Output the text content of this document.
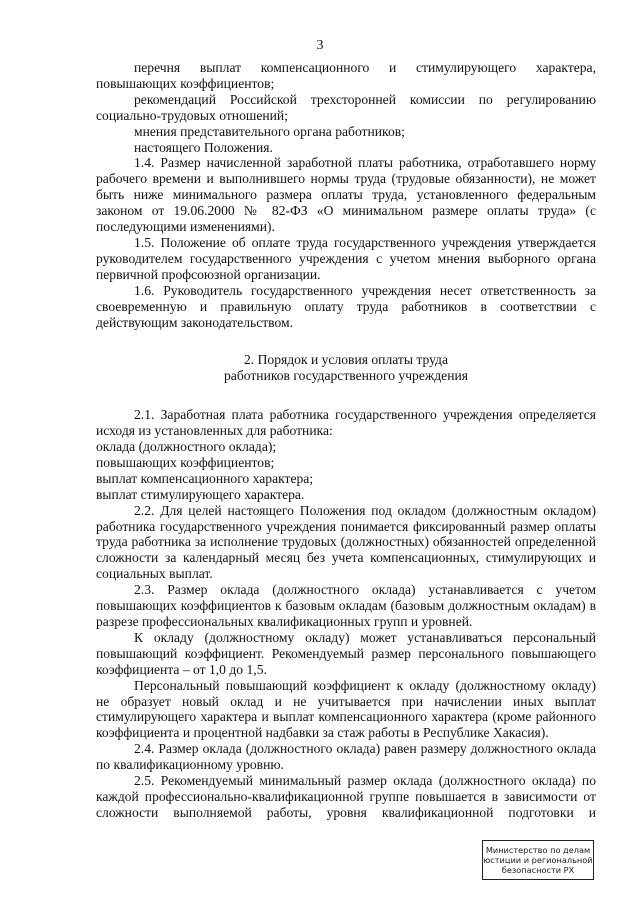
3

перечня выплат компенсационного и стимулирующего характера,

повышающих коэффициентов;

рекомендаций Российской трехсторонней комиссии по регулированию

социально-трудовых отношений;

мнения представительного органа работников;

настоящего Положения.

1.4. Размер начисленной заработной платы работника, отработавшего норму рабочего времени и выполнившего нормы труда (трудовые обязанности), не может быть ниже минимального размера оплаты труда, установленного федеральным законом от 19.06.2000 № 82-ФЗ «О минимальном размере оплаты труда» (с последующими изменениями).

1.5. Положение об оплате труда государственного учреждения утверждается руководителем государственного учреждения с учетом мнения выборного органа первичной профсоюзной организации.

1.6. Руководитель государственного учреждения несет ответственность за своевременную и правильную оплату труда работников в соответствии с действующим законодательством.

2. Порядок и условия оплаты труда
работников государственного учреждения

2.1. Заработная плата работника государственного учреждения определяется исходя из установленных для работника:

оклада (должностного оклада);

повышающих коэффициентов;

выплат компенсационного характера;

выплат стимулирующего характера.

2.2. Для целей настоящего Положения под окладом (должностным окладом) работника государственного учреждения понимается фиксированный размер оплаты труда работника за исполнение трудовых (должностных) обязанностей определенной сложности за календарный месяц без учета компенсационных, стимулирующих и социальных выплат.

2.3. Размер оклада (должностного оклада) устанавливается с учетом повышающих коэффициентов к базовым окладам (базовым должностным окладам) в разрезе профессиональных квалификационных групп и уровней.

К окладу (должностному окладу) может устанавливаться персональный повышающий коэффициент. Рекомендуемый размер персонального повышающего коэффициента – от 1,0 до 1,5.

Персональный повышающий коэффициент к окладу (должностному окладу) не образует новый оклад и не учитывается при начислении иных выплат стимулирующего характера и выплат компенсационного характера (кроме районного коэффициента и процентной надбавки за стаж работы в Республике Хакасия).

2.4. Размер оклада (должностного оклада) равен размеру должностного оклада по квалификационному уровню.

2.5. Рекомендуемый минимальный размер оклада (должностного оклада) по каждой профессионально-квалификационной группе повышается в зависимости от сложности выполняемой работы, уровня квалификационной подготовки и

Министерство по делам
юстиции и региональной
безопасности РХ
